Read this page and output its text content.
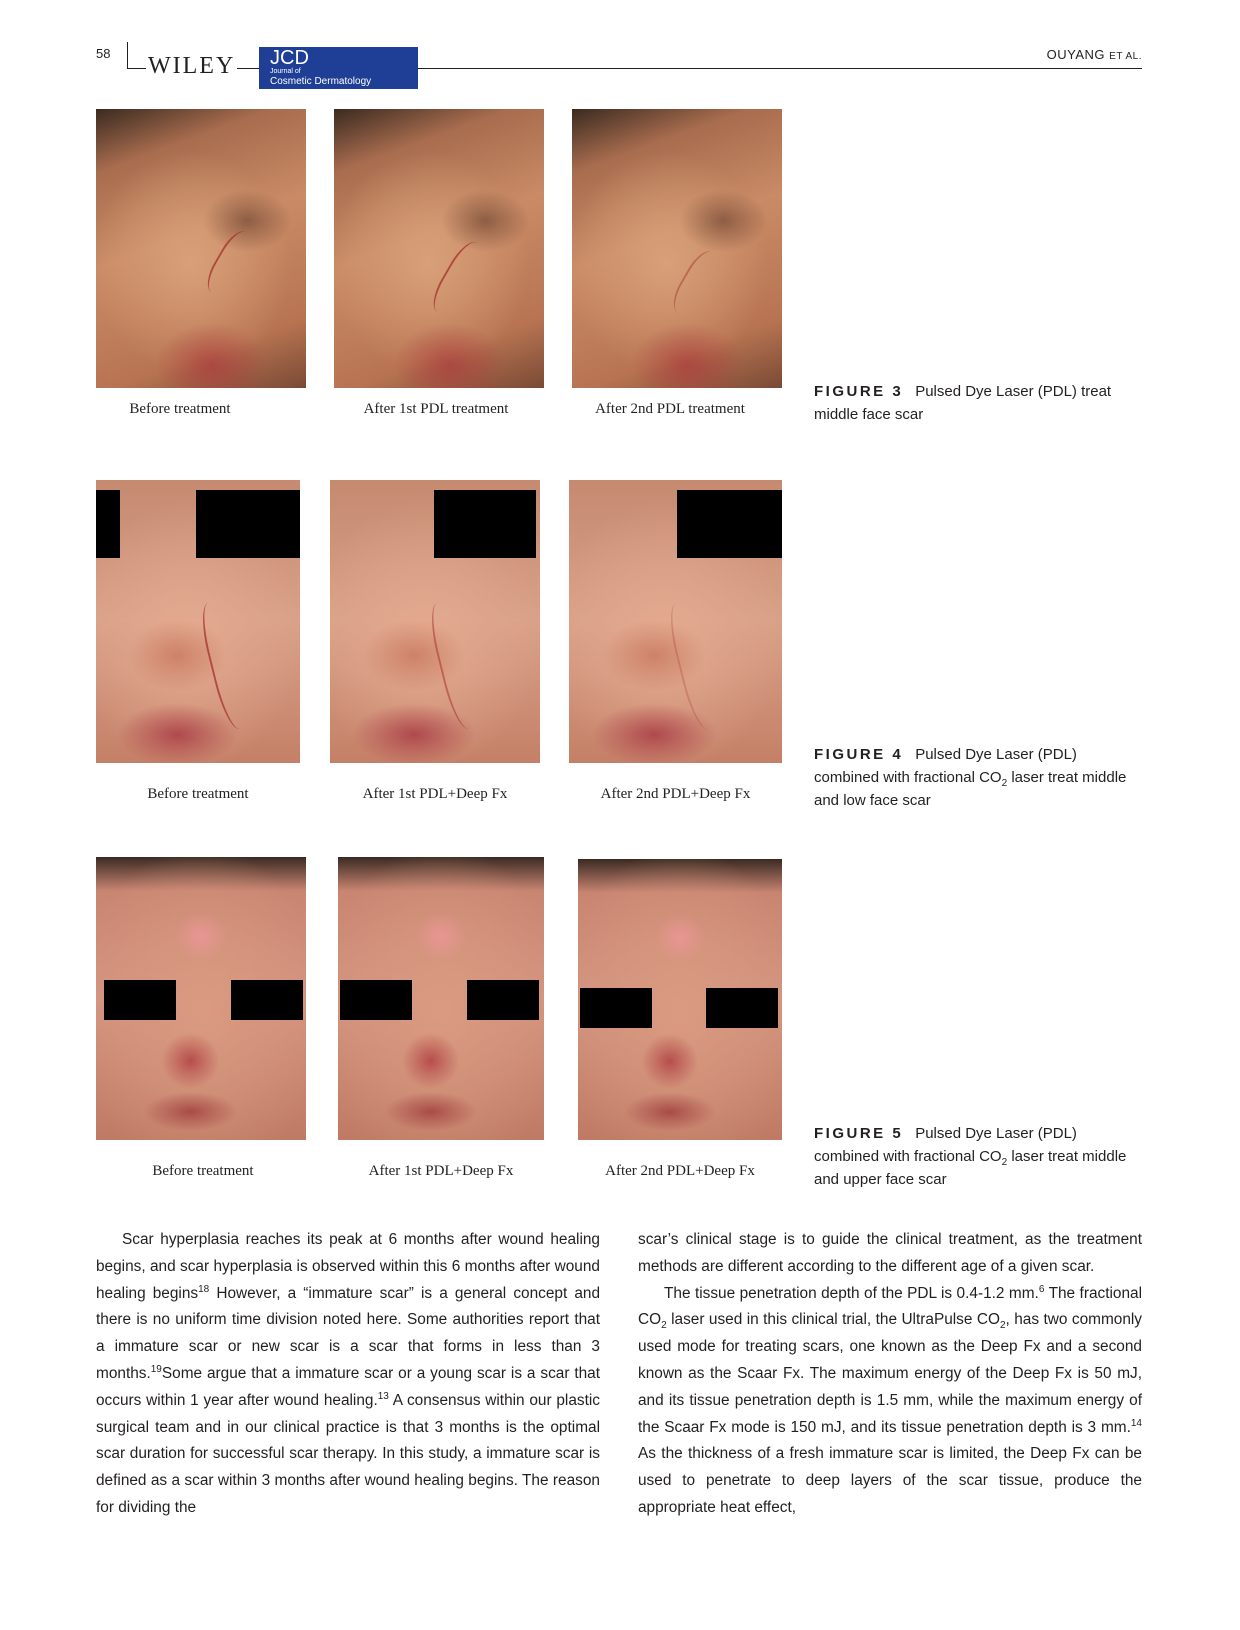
58 WILEY JCD
Journal of
Cosmetic Dermatology
OUYANG ET AL.
Before treatment	After 1st PDL treatment	After 2nd PDL treatment
FIGURE 3 Pulsed Dye Laser (PDL) treat middle face scar
Before treatment	After 1st PDL+Deep Fx	After 2nd PDL+Deep Fx
FIGURE 4 Pulsed Dye Laser (PDL) combined with fractional $CO_2$ laser treat middle and low face scar
Before treatment	After 1st PDL+Deep Fx	After 2nd PDL+Deep Fx
FIGURE 5 Pulsed Dye Laser (PDL) combined with fractional $CO_2$ laser treat middle and upper face scar

Scar hyperplasia reaches its peak at 6 months after wound healing begins, and scar hyperplasia is observed within this 6 months after wound healing begins$^{18}$ However, a “immature scar” is a general concept and there is no uniform time division noted here. Some authorities report that a immature scar or new scar is a scar that forms in less than 3 months.$^{19}$Some argue that a immature scar or a young scar is a scar that occurs within 1 year after wound healing.$^{13}$ A consensus within our plastic surgical team and in our clinical practice is that 3 months is the optimal scar duration for successful scar therapy. In this study, a immature scar is defined as a scar within 3 months after wound healing begins. The reason for dividing the

scar’s clinical stage is to guide the clinical treatment, as the treatment methods are different according to the different age of a given scar.

The tissue penetration depth of the PDL is 0.4-1.2 mm.$^6$ The fractional $CO_2$ laser used in this clinical trial, the UltraPulse $CO_2$, has two commonly used mode for treating scars, one known as the Deep Fx and a second known as the Scaar Fx. The maximum energy of the Deep Fx is 50 mJ, and its tissue penetration depth is 1.5 mm, while the maximum energy of the Scaar Fx mode is 150 mJ, and its tissue penetration depth is 3 mm.$^{14}$ As the thickness of a fresh immature scar is limited, the Deep Fx can be used to penetrate to deep layers of the scar tissue, produce the appropriate heat effect,
